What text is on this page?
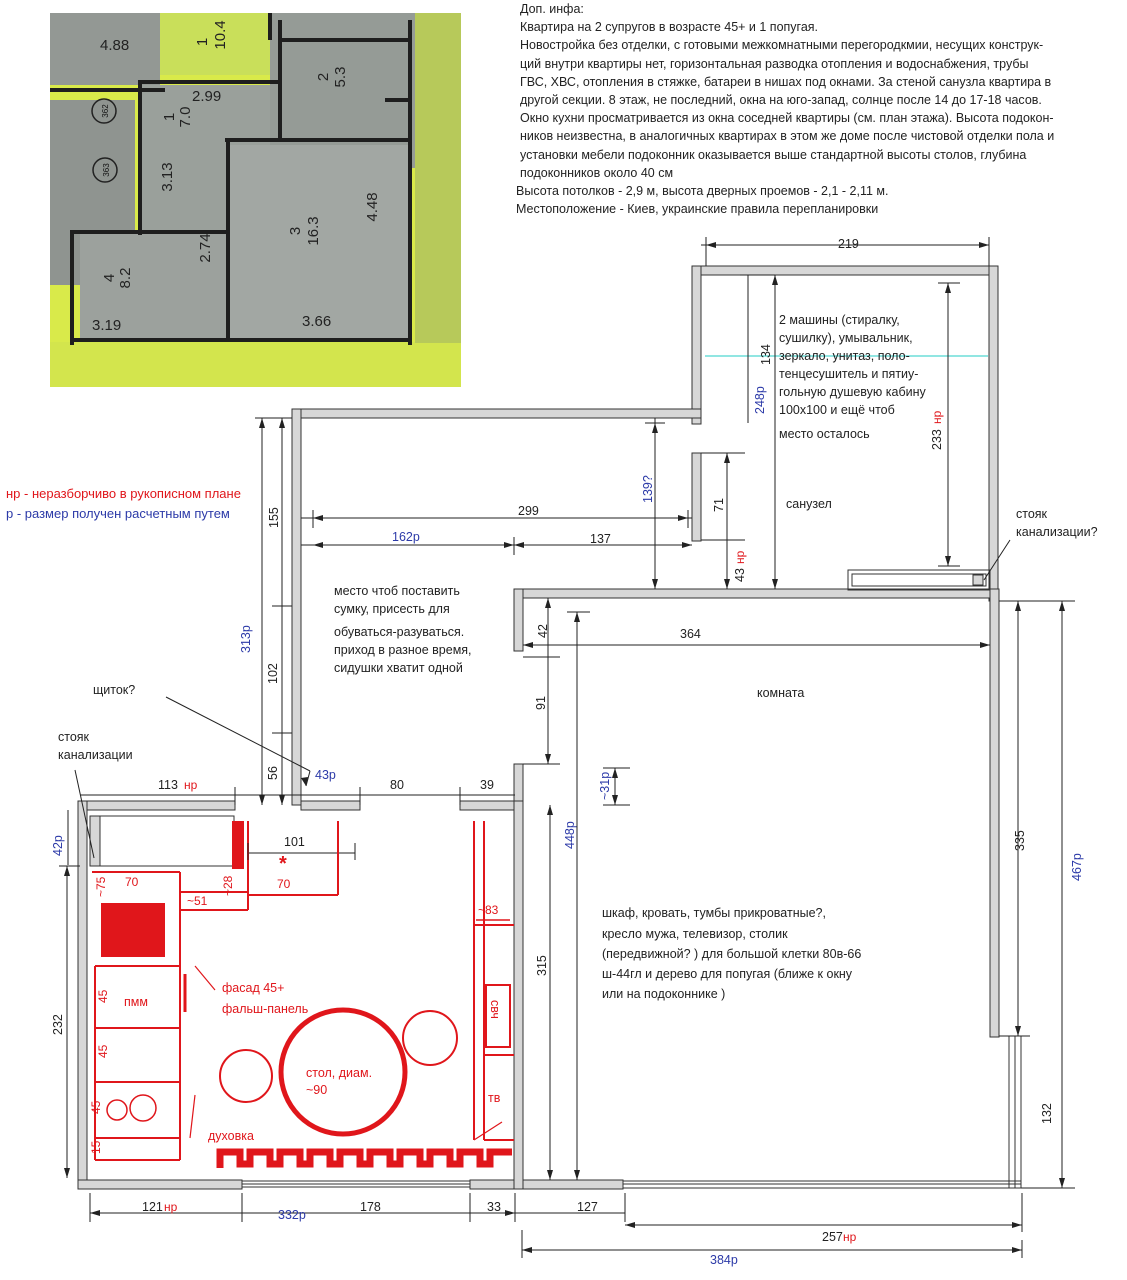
362
363
4.88	10.4
1
2.99
5.3
2
7.0
1
3.13
4.48
16.3
3
2.74
8.2
4
3.19	3.66
219
134
248р
233
нр
139?
299
162р	137
71
43
нр
155
313р
102
56	43р
42	364
91
~31р
448р	335
467р
315
132
113 нр	80	39
42р	101
70	70
~75	~28
~51
~83
45
45
45
15
232
121 нр
332р
178	33	127
257 нр
384р
2 машины (стиралку, сушилку), умывальник, зеркало, унитаз, поло- тенцесушитель и пятиу- гольную душевую кабину 100х100 и ещё чтоб место осталось
санузел
стояк канализации?
место чтоб поставить сумку, присесть для обуваться-разуваться. приход в разное время, сидушки хватит одной
щиток?
стояк канализации
комната
шкаф, кровать, тумбы прикроватные?, кресло мужа, телевизор, столик (передвижной? ) для большой клетки 80в-66 ш-44гл и дерево для попугая (ближе к окну или на подоконнике )
фасад 45+ фальш-панель
стол, диам. ~90
духовка
пмм	свч
тв
*
Доп. инфа:
Квартира на 2 супругов в возрасте 45+ и 1 попугая.
Новостройка без отделки, с готовыми межкомнатными перегородкмии, несущих конструк-
ций внутри квартиры нет, горизонтальная разводка отопления и водоснабжения, трубы
ГВС, ХВС, отопления в стяжке, батареи в нишах под окнами. За стеной санузла квартира в
другой секции. 8 этаж, не последний, окна на юго-запад, солнце после 14 до 17-18 часов.
Окно кухни просматривается из окна соседней квартиры (см. план этажа). Высота подокон-
ников неизвестна, в аналогичных квартирах в этом же доме после чистовой отделки пола и
установки мебели подоконник оказывается выше стандартной высоты столов, глубина
подоконников около 40 см
Высота потолков - 2,9 м, высота дверных проемов - 2,1 - 2,11 м.
Местоположение - Киев, украинские правила перепланировки
нр - неразборчиво в рукописном плане
р - размер получен расчетным путем
